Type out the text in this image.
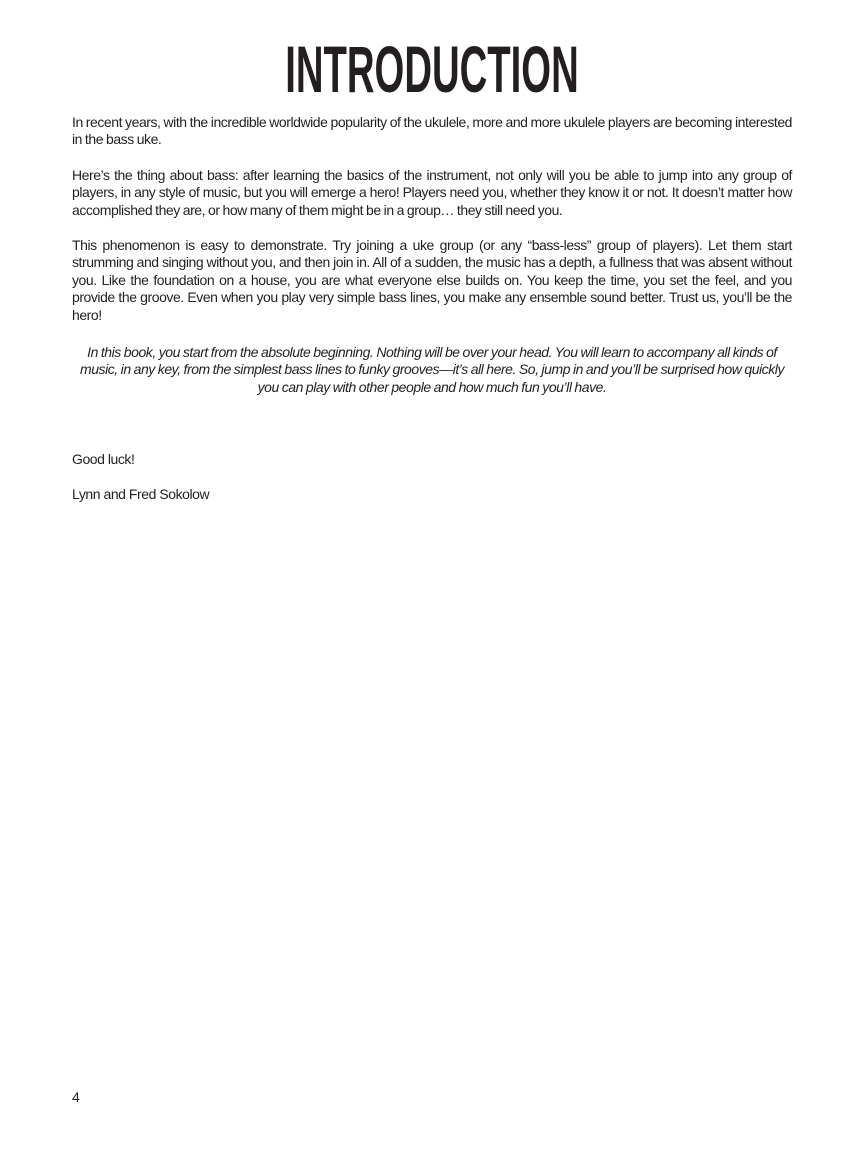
INTRODUCTION
In recent years, with the incredible worldwide popularity of the ukulele, more and more ukulele players are becoming interested in the bass uke.
Here’s the thing about bass: after learning the basics of the instrument, not only will you be able to jump into any group of players, in any style of music, but you will emerge a hero! Players need you, whether they know it or not. It doesn’t matter how accomplished they are, or how many of them might be in a group… they still need you.
This phenomenon is easy to demonstrate. Try joining a uke group (or any “bass-less” group of players). Let them start strumming and singing without you, and then join in. All of a sudden, the music has a depth, a fullness that was absent without you. Like the foundation on a house, you are what everyone else builds on. You keep the time, you set the feel, and you provide the groove. Even when you play very simple bass lines, you make any ensemble sound better. Trust us, you’ll be the hero!
In this book, you start from the absolute beginning. Nothing will be over your head. You will learn to accompany all kinds of music, in any key, from the simplest bass lines to funky grooves—it’s all here. So, jump in and you’ll be surprised how quickly you can play with other people and how much fun you’ll have.
Good luck!
Lynn and Fred Sokolow
4
